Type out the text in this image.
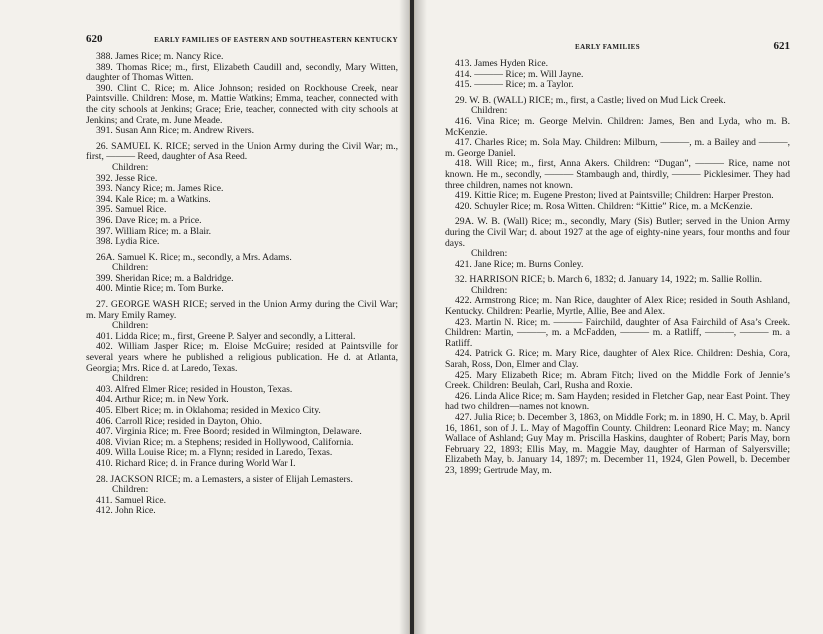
620	EARLY FAMILIES OF EASTERN AND SOUTHEASTERN KENTUCKY

388. James Rice; m. Nancy Rice.

389. Thomas Rice; m., first, Elizabeth Caudill and, secondly, Mary Witten, daughter of Thomas Witten.

390. Clint C. Rice; m. Alice Johnson; resided on Rockhouse Creek, near Paintsville. Children: Mose, m. Mattie Watkins; Emma, teacher, connected with the city schools at Jenkins; Grace; Erie, teacher, connected with city schools at Jenkins; and Crate, m. June Meade.

391. Susan Ann Rice; m. Andrew Rivers.

26. SAMUEL K. RICE; served in the Union Army during the Civil War; m., first, ——— Reed, daughter of Asa Reed.

Children:

392. Jesse Rice.

393. Nancy Rice; m. James Rice.

394. Kale Rice; m. a Watkins.

395. Samuel Rice.

396. Dave Rice; m. a Price.

397. William Rice; m. a Blair.

398. Lydia Rice.

26A. Samuel K. Rice; m., secondly, a Mrs. Adams.

Children:

399. Sheridan Rice; m. a Baldridge.

400. Mintie Rice; m. Tom Burke.

27. GEORGE WASH RICE; served in the Union Army during the Civil War; m. Mary Emily Ramey.

Children:

401. Lidda Rice; m., first, Greene P. Salyer and secondly, a Litteral.

402. William Jasper Rice; m. Eloise McGuire; resided at Paintsville for several years where he published a religious publication. He d. at Atlanta, Georgia; Mrs. Rice d. at Laredo, Texas.

Children:

403. Alfred Elmer Rice; resided in Houston, Texas.

404. Arthur Rice; m. in New York.

405. Elbert Rice; m. in Oklahoma; resided in Mexico City.

406. Carroll Rice; resided in Dayton, Ohio.

407. Virginia Rice; m. Free Boord; resided in Wilmington, Delaware.

408. Vivian Rice; m. a Stephens; resided in Hollywood, California.

409. Willa Louise Rice; m. a Flynn; resided in Laredo, Texas.

410. Richard Rice; d. in France during World War I.

28. JACKSON RICE; m. a Lemasters, a sister of Elijah Lemasters.

Children:

411. Samuel Rice.

412. John Rice.

EARLY FAMILIES	621

413. James Hyden Rice.

414. ——— Rice; m. Will Jayne.

415. ——— Rice; m. a Taylor.

29. W. B. (WALL) RICE; m., first, a Castle; lived on Mud Lick Creek.

Children:

416. Vina Rice; m. George Melvin. Children: James, Ben and Lyda, who m. B. McKenzie.

417. Charles Rice; m. Sola May. Children: Milburn, ———, m. a Bailey and ———, m. George Daniel.

418. Will Rice; m., first, Anna Akers. Children: “Dugan”, ——— Rice, name not known. He m., secondly, ——— Stambaugh and, thirdly, ——— Picklesimer. They had three children, names not known.

419. Kittie Rice; m. Eugene Preston; lived at Paintsville; Children: Harper Preston.

420. Schuyler Rice; m. Rosa Witten. Children: “Kittie” Rice, m. a McKenzie.

29A. W. B. (Wall) Rice; m., secondly, Mary (Sis) Butler; served in the Union Army during the Civil War; d. about 1927 at the age of eighty-nine years, four months and four days.

Children:

421. Jane Rice; m. Burns Conley.

32. HARRISON RICE; b. March 6, 1832; d. January 14, 1922; m. Sallie Rollin.

Children:

422. Armstrong Rice; m. Nan Rice, daughter of Alex Rice; resided in South Ashland, Kentucky. Children: Pearlie, Myrtle, Allie, Bee and Alex.

423. Martin N. Rice; m. ——— Fairchild, daughter of Asa Fairchild of Asa’s Creek. Children: Martin, ———, m. a McFadden, ——— m. a Ratliff, ———, ——— m. a Ratliff.

424. Patrick G. Rice; m. Mary Rice, daughter of Alex Rice. Children: Deshia, Cora, Sarah, Ross, Don, Elmer and Clay.

425. Mary Elizabeth Rice; m. Abram Fitch; lived on the Middle Fork of Jennie’s Creek. Children: Beulah, Carl, Rusha and Roxie.

426. Linda Alice Rice; m. Sam Hayden; resided in Fletcher Gap, near East Point. They had two children—names not known.

427. Julia Rice; b. December 3, 1863, on Middle Fork; m. in 1890, H. C. May, b. April 16, 1861, son of J. L. May of Magoffin County. Children: Leonard Rice May; m. Nancy Wallace of Ashland; Guy May m. Priscilla Haskins, daughter of Robert; Paris May, born February 22, 1893; Ellis May, m. Maggie May, daughter of Harman of Salyersville; Elizabeth May, b. January 14, 1897; m. December 11, 1924, Glen Powell, b. December 23, 1899; Gertrude May, m.
